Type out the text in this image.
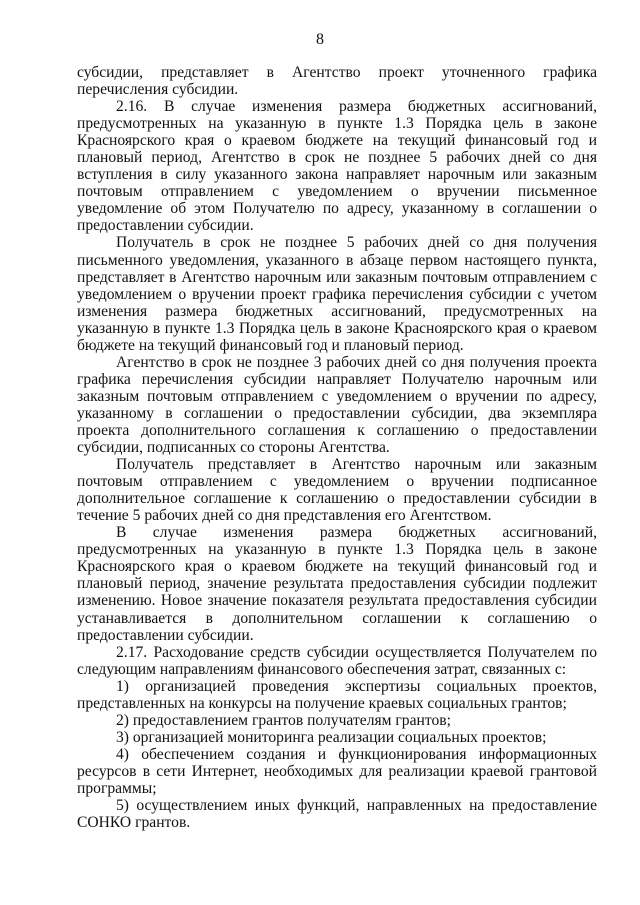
8

субсидии, представляет в Агентство проект уточненного графика перечисления субсидии.

2.16. В случае изменения размера бюджетных ассигнований, предусмотренных на указанную в пункте 1.3 Порядка цель в законе Красноярского края о краевом бюджете на текущий финансовый год и плановый период, Агентство в срок не позднее 5 рабочих дней со дня вступления в силу указанного закона направляет нарочным или заказным почтовым отправлением с уведомлением о вручении письменное уведомление об этом Получателю по адресу, указанному в соглашении о предоставлении субсидии.

Получатель в срок не позднее 5 рабочих дней со дня получения письменного уведомления, указанного в абзаце первом настоящего пункта, представляет в Агентство нарочным или заказным почтовым отправлением с уведомлением о вручении проект графика перечисления субсидии с учетом изменения размера бюджетных ассигнований, предусмотренных на указанную в пункте 1.3 Порядка цель в законе Красноярского края о краевом бюджете на текущий финансовый год и плановый период.

Агентство в срок не позднее 3 рабочих дней со дня получения проекта графика перечисления субсидии направляет Получателю нарочным или заказным почтовым отправлением с уведомлением о вручении по адресу, указанному в соглашении о предоставлении субсидии, два экземпляра проекта дополнительного соглашения к соглашению о предоставлении субсидии, подписанных со стороны Агентства.

Получатель представляет в Агентство нарочным или заказным почтовым отправлением с уведомлением о вручении подписанное дополнительное соглашение к соглашению о предоставлении субсидии в течение 5 рабочих дней со дня представления его Агентством.

В случае изменения размера бюджетных ассигнований, предусмотренных на указанную в пункте 1.3 Порядка цель в законе Красноярского края о краевом бюджете на текущий финансовый год и плановый период, значение результата предоставления субсидии подлежит изменению. Новое значение показателя результата предоставления субсидии устанавливается в дополнительном соглашении к соглашению о предоставлении субсидии.

2.17. Расходование средств субсидии осуществляется Получателем по следующим направлениям финансового обеспечения затрат, связанных с:

1) организацией проведения экспертизы социальных проектов, представленных на конкурсы на получение краевых социальных грантов;

2) предоставлением грантов получателям грантов;

3) организацией мониторинга реализации социальных проектов;

4) обеспечением создания и функционирования информационных ресурсов в сети Интернет, необходимых для реализации краевой грантовой программы;

5) осуществлением иных функций, направленных на предоставление СОНКО грантов.
